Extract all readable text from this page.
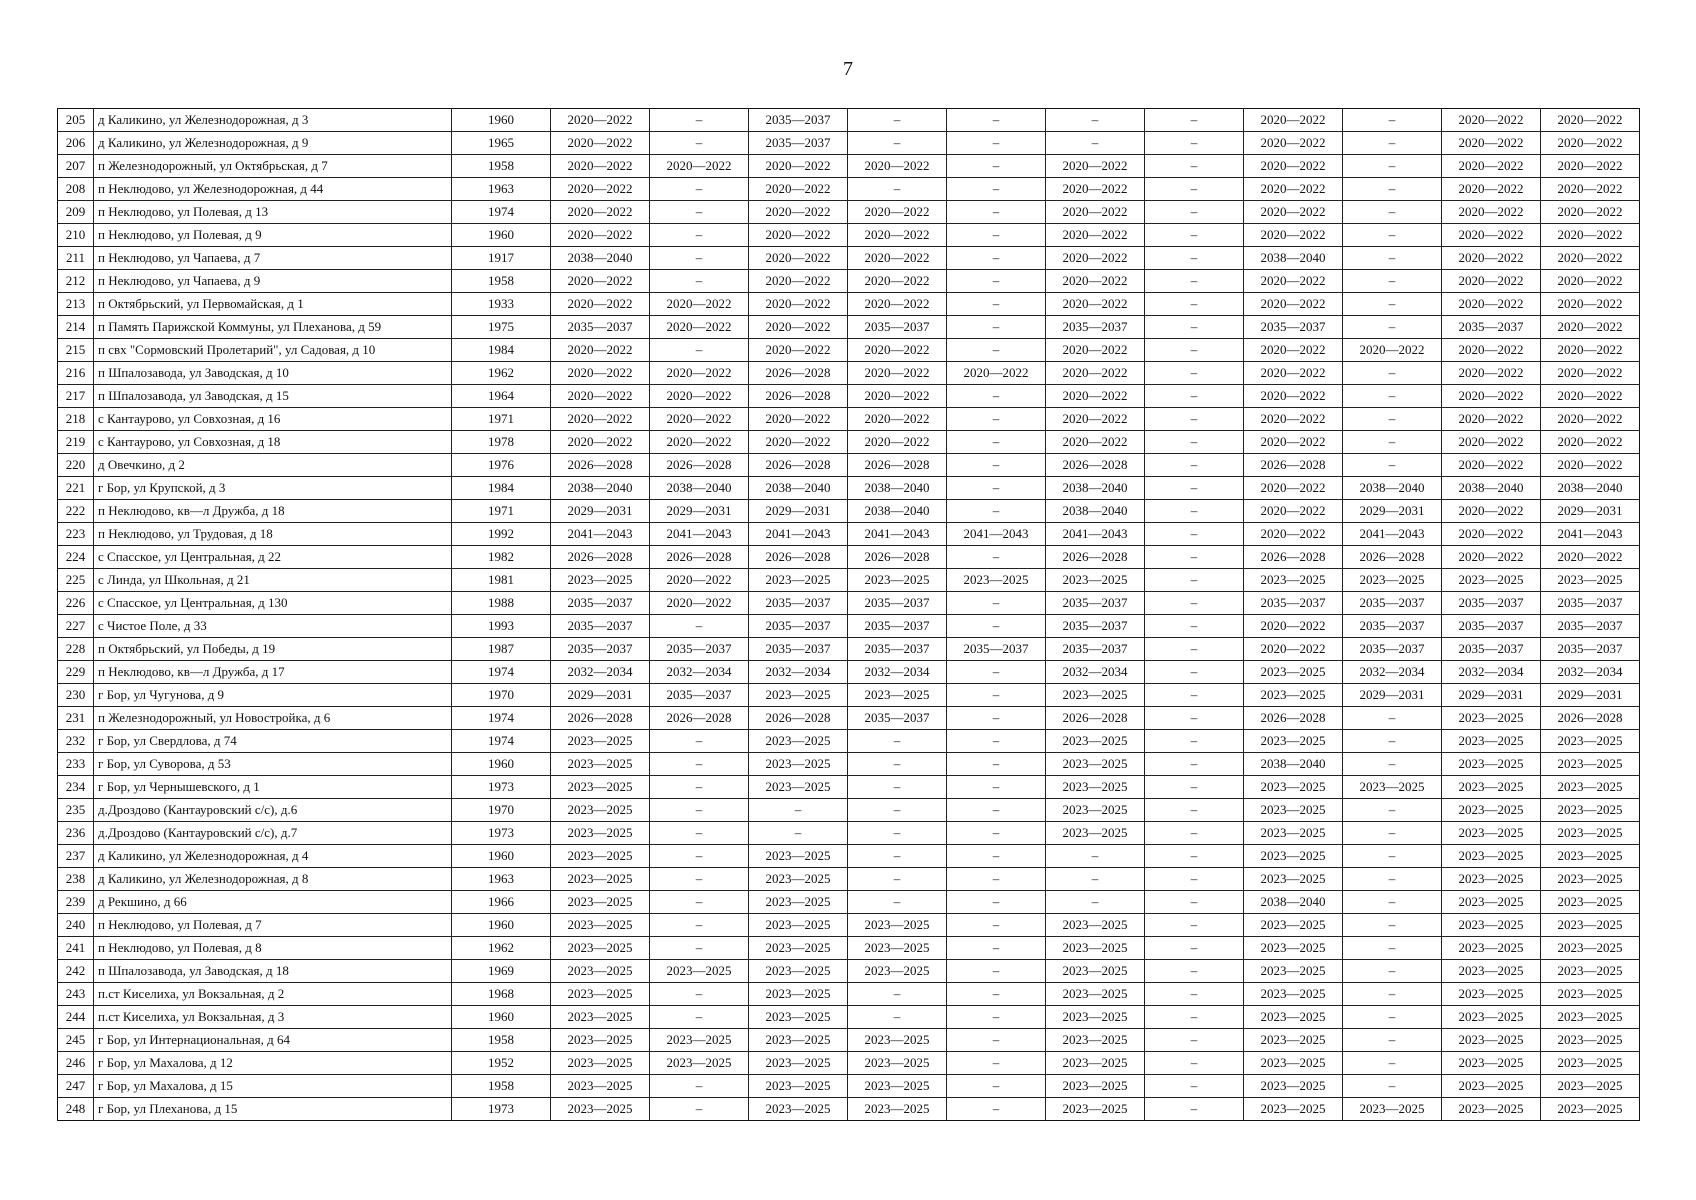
7
205	д Каликино, ул Железнодорожная, д 3	1960	2020—2022	–	2035—2037	–	–	–	–	2020—2022	–	2020—2022	2020—2022
206	д Каликино, ул Железнодорожная, д 9	1965	2020—2022	–	2035—2037	–	–	–	–	2020—2022	–	2020—2022	2020—2022
207	п Железнодорожный, ул Октябрьская, д 7	1958	2020—2022	2020—2022	2020—2022	2020—2022	–	2020—2022	–	2020—2022	–	2020—2022	2020—2022
208	п Неклюдово, ул Железнодорожная, д 44	1963	2020—2022	–	2020—2022	–	–	2020—2022	–	2020—2022	–	2020—2022	2020—2022
209	п Неклюдово, ул Полевая, д 13	1974	2020—2022	–	2020—2022	2020—2022	–	2020—2022	–	2020—2022	–	2020—2022	2020—2022
210	п Неклюдово, ул Полевая, д 9	1960	2020—2022	–	2020—2022	2020—2022	–	2020—2022	–	2020—2022	–	2020—2022	2020—2022
211	п Неклюдово, ул Чапаева, д 7	1917	2038—2040	–	2020—2022	2020—2022	–	2020—2022	–	2038—2040	–	2020—2022	2020—2022
212	п Неклюдово, ул Чапаева, д 9	1958	2020—2022	–	2020—2022	2020—2022	–	2020—2022	–	2020—2022	–	2020—2022	2020—2022
213	п Октябрьский, ул Первомайская, д 1	1933	2020—2022	2020—2022	2020—2022	2020—2022	–	2020—2022	–	2020—2022	–	2020—2022	2020—2022
214	п Память Парижской Коммуны, ул Плеханова, д 59	1975	2035—2037	2020—2022	2020—2022	2035—2037	–	2035—2037	–	2035—2037	–	2035—2037	2020—2022
215	п свх "Сормовский Пролетарий", ул Садовая, д 10	1984	2020—2022	–	2020—2022	2020—2022	–	2020—2022	–	2020—2022	2020—2022	2020—2022	2020—2022
216	п Шпалозавода, ул Заводская, д 10	1962	2020—2022	2020—2022	2026—2028	2020—2022	2020—2022	2020—2022	–	2020—2022	–	2020—2022	2020—2022
217	п Шпалозавода, ул Заводская, д 15	1964	2020—2022	2020—2022	2026—2028	2020—2022	–	2020—2022	–	2020—2022	–	2020—2022	2020—2022
218	с Кантаурово, ул Совхозная, д 16	1971	2020—2022	2020—2022	2020—2022	2020—2022	–	2020—2022	–	2020—2022	–	2020—2022	2020—2022
219	с Кантаурово, ул Совхозная, д 18	1978	2020—2022	2020—2022	2020—2022	2020—2022	–	2020—2022	–	2020—2022	–	2020—2022	2020—2022
220	д Овечкино, д 2	1976	2026—2028	2026—2028	2026—2028	2026—2028	–	2026—2028	–	2026—2028	–	2020—2022	2020—2022
221	г Бор, ул Крупской, д 3	1984	2038—2040	2038—2040	2038—2040	2038—2040	–	2038—2040	–	2020—2022	2038—2040	2038—2040	2038—2040
222	п Неклюдово, кв—л Дружба, д 18	1971	2029—2031	2029—2031	2029—2031	2038—2040	–	2038—2040	–	2020—2022	2029—2031	2020—2022	2029—2031
223	п Неклюдово, ул Трудовая, д 18	1992	2041—2043	2041—2043	2041—2043	2041—2043	2041—2043	2041—2043	–	2020—2022	2041—2043	2020—2022	2041—2043
224	с Спасское, ул Центральная, д 22	1982	2026—2028	2026—2028	2026—2028	2026—2028	–	2026—2028	–	2026—2028	2026—2028	2020—2022	2020—2022
225	с Линда, ул Школьная, д 21	1981	2023—2025	2020—2022	2023—2025	2023—2025	2023—2025	2023—2025	–	2023—2025	2023—2025	2023—2025	2023—2025
226	с Спасское, ул Центральная, д 130	1988	2035—2037	2020—2022	2035—2037	2035—2037	–	2035—2037	–	2035—2037	2035—2037	2035—2037	2035—2037
227	с Чистое Поле, д 33	1993	2035—2037	–	2035—2037	2035—2037	–	2035—2037	–	2020—2022	2035—2037	2035—2037	2035—2037
228	п Октябрьский, ул Победы, д 19	1987	2035—2037	2035—2037	2035—2037	2035—2037	2035—2037	2035—2037	–	2020—2022	2035—2037	2035—2037	2035—2037
229	п Неклюдово, кв—л Дружба, д 17	1974	2032—2034	2032—2034	2032—2034	2032—2034	–	2032—2034	–	2023—2025	2032—2034	2032—2034	2032—2034
230	г Бор, ул Чугунова, д 9	1970	2029—2031	2035—2037	2023—2025	2023—2025	–	2023—2025	–	2023—2025	2029—2031	2029—2031	2029—2031
231	п Железнодорожный, ул Новостройка, д 6	1974	2026—2028	2026—2028	2026—2028	2035—2037	–	2026—2028	–	2026—2028	–	2023—2025	2026—2028
232	г Бор, ул Свердлова, д 74	1974	2023—2025	–	2023—2025	–	–	2023—2025	–	2023—2025	–	2023—2025	2023—2025
233	г Бор, ул Суворова, д 53	1960	2023—2025	–	2023—2025	–	–	2023—2025	–	2038—2040	–	2023—2025	2023—2025
234	г Бор, ул Чернышевского, д 1	1973	2023—2025	–	2023—2025	–	–	2023—2025	–	2023—2025	2023—2025	2023—2025	2023—2025
235	д.Дроздово (Кантауровский с/с), д.6	1970	2023—2025	–	–	–	–	2023—2025	–	2023—2025	–	2023—2025	2023—2025
236	д.Дроздово (Кантауровский с/с), д.7	1973	2023—2025	–	–	–	–	2023—2025	–	2023—2025	–	2023—2025	2023—2025
237	д Каликино, ул Железнодорожная, д 4	1960	2023—2025	–	2023—2025	–	–	–	–	2023—2025	–	2023—2025	2023—2025
238	д Каликино, ул Железнодорожная, д 8	1963	2023—2025	–	2023—2025	–	–	–	–	2023—2025	–	2023—2025	2023—2025
239	д Рекшино, д 66	1966	2023—2025	–	2023—2025	–	–	–	–	2038—2040	–	2023—2025	2023—2025
240	п Неклюдово, ул Полевая, д 7	1960	2023—2025	–	2023—2025	2023—2025	–	2023—2025	–	2023—2025	–	2023—2025	2023—2025
241	п Неклюдово, ул Полевая, д 8	1962	2023—2025	–	2023—2025	2023—2025	–	2023—2025	–	2023—2025	–	2023—2025	2023—2025
242	п Шпалозавода, ул Заводская, д 18	1969	2023—2025	2023—2025	2023—2025	2023—2025	–	2023—2025	–	2023—2025	–	2023—2025	2023—2025
243	п.ст Киселиха, ул Вокзальная, д 2	1968	2023—2025	–	2023—2025	–	–	2023—2025	–	2023—2025	–	2023—2025	2023—2025
244	п.ст Киселиха, ул Вокзальная, д 3	1960	2023—2025	–	2023—2025	–	–	2023—2025	–	2023—2025	–	2023—2025	2023—2025
245	г Бор, ул Интернациональная, д 64	1958	2023—2025	2023—2025	2023—2025	2023—2025	–	2023—2025	–	2023—2025	–	2023—2025	2023—2025
246	г Бор, ул Махалова, д 12	1952	2023—2025	2023—2025	2023—2025	2023—2025	–	2023—2025	–	2023—2025	–	2023—2025	2023—2025
247	г Бор, ул Махалова, д 15	1958	2023—2025	–	2023—2025	2023—2025	–	2023—2025	–	2023—2025	–	2023—2025	2023—2025
248	г Бор, ул Плеханова, д 15	1973	2023—2025	–	2023—2025	2023—2025	–	2023—2025	–	2023—2025	2023—2025	2023—2025	2023—2025
